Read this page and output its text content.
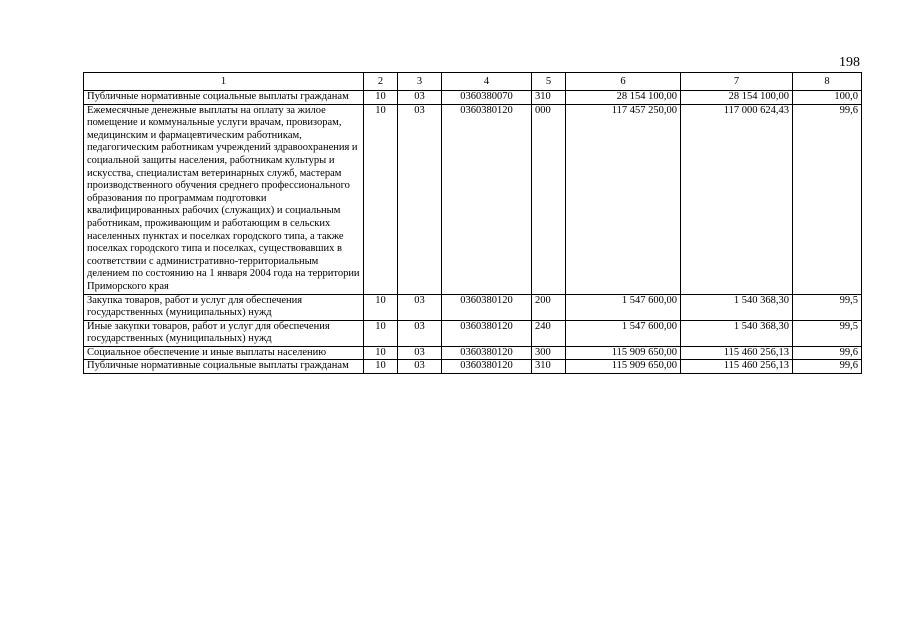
198
1	2	3	4	5	6	7	8
Публичные нормативные социальные выплаты гражданам	10	03	0360380070	310	28 154 100,00	28 154 100,00	100,0
Ежемесячные денежные выплаты на оплату за жилое помещение и коммунальные услуги врачам, провизорам, медицинским и фармацевтическим работникам, педагогическим работникам учреждений здравоохранения и социальной защиты населения, работникам культуры и искусства, специалистам ветеринарных служб, мастерам производственного обучения среднего профессионального образования по программам подготовки квалифицированных рабочих (служащих) и социальным работникам, проживающим и работающим в сельских населенных пунктах и поселках городского типа, а также поселках городского типа и поселках, существовавших в соответствии с административно-территориальным делением по состоянию на 1 января 2004 года на территории Приморского края	10	03	0360380120	000	117 457 250,00	117 000 624,43	99,6
Закупка товаров, работ и услуг для обеспечения государственных (муниципальных) нужд	10	03	0360380120	200	1 547 600,00	1 540 368,30	99,5
Иные закупки товаров, работ и услуг для обеспечения государственных (муниципальных) нужд	10	03	0360380120	240	1 547 600,00	1 540 368,30	99,5
Социальное обеспечение и иные выплаты населению	10	03	0360380120	300	115 909 650,00	115 460 256,13	99,6
Публичные нормативные социальные выплаты гражданам	10	03	0360380120	310	115 909 650,00	115 460 256,13	99,6
